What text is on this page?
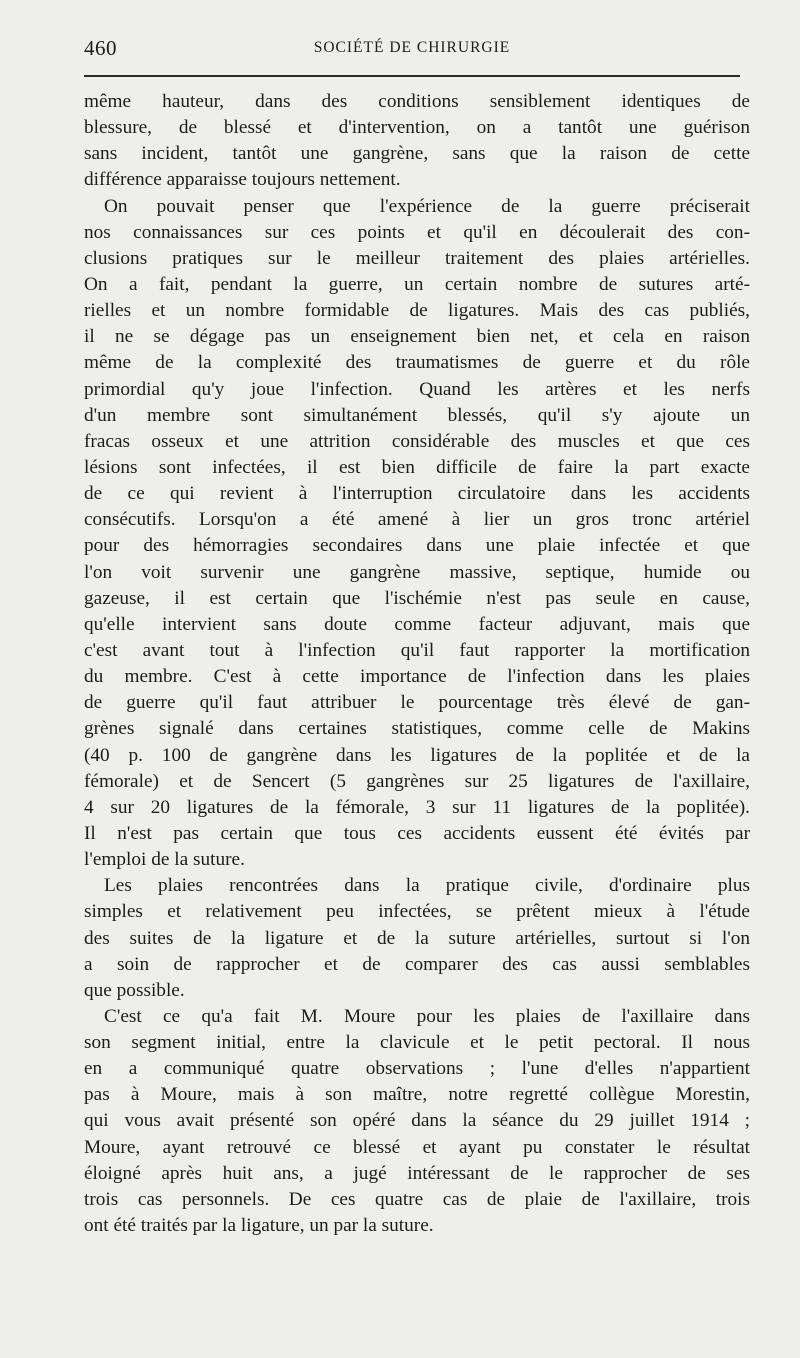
460	SOCIÉTÉ DE CHIRURGIE
même hauteur, dans des conditions sensiblement identiques de
blessure, de blessé et d'intervention, on a tantôt une guérison
sans incident, tantôt une gangrène, sans que la raison de cette
différence apparaisse toujours nettement.
On pouvait penser que l'expérience de la guerre préciserait
nos connaissances sur ces points et qu'il en découlerait des con-
clusions pratiques sur le meilleur traitement des plaies artérielles.
On a fait, pendant la guerre, un certain nombre de sutures arté-
rielles et un nombre formidable de ligatures. Mais des cas publiés,
il ne se dégage pas un enseignement bien net, et cela en raison
même de la complexité des traumatismes de guerre et du rôle
primordial qu'y joue l'infection. Quand les artères et les nerfs
d'un membre sont simultanément blessés, qu'il s'y ajoute un
fracas osseux et une attrition considérable des muscles et que ces
lésions sont infectées, il est bien difficile de faire la part exacte
de ce qui revient à l'interruption circulatoire dans les accidents
consécutifs. Lorsqu'on a été amené à lier un gros tronc artériel
pour des hémorragies secondaires dans une plaie infectée et que
l'on voit survenir une gangrène massive, septique, humide ou
gazeuse, il est certain que l'ischémie n'est pas seule en cause,
qu'elle intervient sans doute comme facteur adjuvant, mais que
c'est avant tout à l'infection qu'il faut rapporter la mortification
du membre. C'est à cette importance de l'infection dans les plaies
de guerre qu'il faut attribuer le pourcentage très élevé de gan-
grènes signalé dans certaines statistiques, comme celle de Makins
(40 p. 100 de gangrène dans les ligatures de la poplitée et de la
fémorale) et de Sencert (5 gangrènes sur 25 ligatures de l'axillaire,
4 sur 20 ligatures de la fémorale, 3 sur 11 ligatures de la poplitée).
Il n'est pas certain que tous ces accidents eussent été évités par
l'emploi de la suture.
Les plaies rencontrées dans la pratique civile, d'ordinaire plus
simples et relativement peu infectées, se prêtent mieux à l'étude
des suites de la ligature et de la suture artérielles, surtout si l'on
a soin de rapprocher et de comparer des cas aussi semblables
que possible.
C'est ce qu'a fait M. Moure pour les plaies de l'axillaire dans
son segment initial, entre la clavicule et le petit pectoral. Il nous
en a communiqué quatre observations ; l'une d'elles n'appartient
pas à Moure, mais à son maître, notre regretté collègue Morestin,
qui vous avait présenté son opéré dans la séance du 29 juillet 1914 ;
Moure, ayant retrouvé ce blessé et ayant pu constater le résultat
éloigné après huit ans, a jugé intéressant de le rapprocher de ses
trois cas personnels. De ces quatre cas de plaie de l'axillaire, trois
ont été traités par la ligature, un par la suture.
